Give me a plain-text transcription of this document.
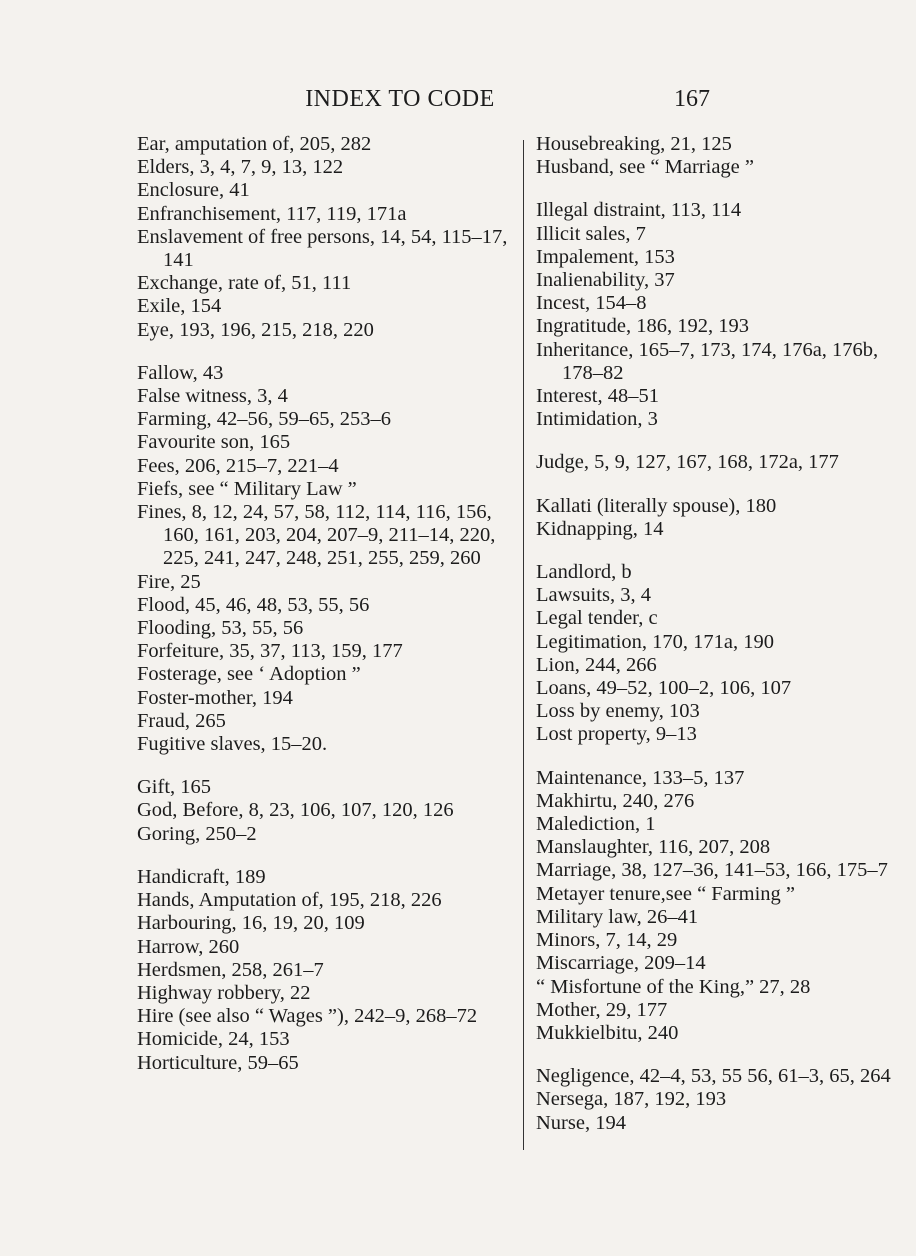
INDEX TO CODE	167

Ear, amputation of, 205, 282

Elders, 3, 4, 7, 9, 13, 122

Enclosure, 41

Enfranchisement, 117, 119, 171a

Enslavement of free persons, 14, 54, 115–17, 141

Exchange, rate of, 51, 111

Exile, 154

Eye, 193, 196, 215, 218, 220

Fallow, 43

False witness, 3, 4

Farming, 42–56, 59–65, 253–6

Favourite son, 165

Fees, 206, 215–7, 221–4

Fiefs, see “ Military Law ”

Fines, 8, 12, 24, 57, 58, 112, 114, 116, 156, 160, 161, 203, 204, 207–9, 211–14, 220, 225, 241, 247, 248, 251, 255, 259, 260

Fire, 25

Flood, 45, 46, 48, 53, 55, 56

Flooding, 53, 55, 56

Forfeiture, 35, 37, 113, 159, 177

Fosterage, see ‘ Adoption ”

Foster-mother, 194

Fraud, 265

Fugitive slaves, 15–20.

Gift, 165

God, Before, 8, 23, 106, 107, 120, 126

Goring, 250–2

Handicraft, 189

Hands, Amputation of, 195, 218, 226

Harbouring, 16, 19, 20, 109

Harrow, 260

Herdsmen, 258, 261–7

Highway robbery, 22

Hire (see also “ Wages ”), 242–9, 268–72

Homicide, 24, 153

Horticulture, 59–65

Housebreaking, 21, 125

Husband, see “ Marriage ”

Illegal distraint, 113, 114

Illicit sales, 7

Impalement, 153

Inalienability, 37

Incest, 154–8

Ingratitude, 186, 192, 193

Inheritance, 165–7, 173, 174, 176a, 176b, 178–82

Interest, 48–51

Intimidation, 3

Judge, 5, 9, 127, 167, 168, 172a, 177

Kallati (literally spouse), 180

Kidnapping, 14

Landlord, b

Lawsuits, 3, 4

Legal tender, c

Legitimation, 170, 171a, 190

Lion, 244, 266

Loans, 49–52, 100–2, 106, 107

Loss by enemy, 103

Lost property, 9–13

Maintenance, 133–5, 137

Makhirtu, 240, 276

Malediction, 1

Manslaughter, 116, 207, 208

Marriage, 38, 127–36, 141–53, 166, 175–7

Metayer tenure,see “ Farming ”

Military law, 26–41

Minors, 7, 14, 29

Miscarriage, 209–14

“ Misfortune of the King,” 27, 28

Mother, 29, 177

Mukkielbitu, 240

Negligence, 42–4, 53, 55 56, 61–3, 65, 264

Nersega, 187, 192, 193

Nurse, 194
